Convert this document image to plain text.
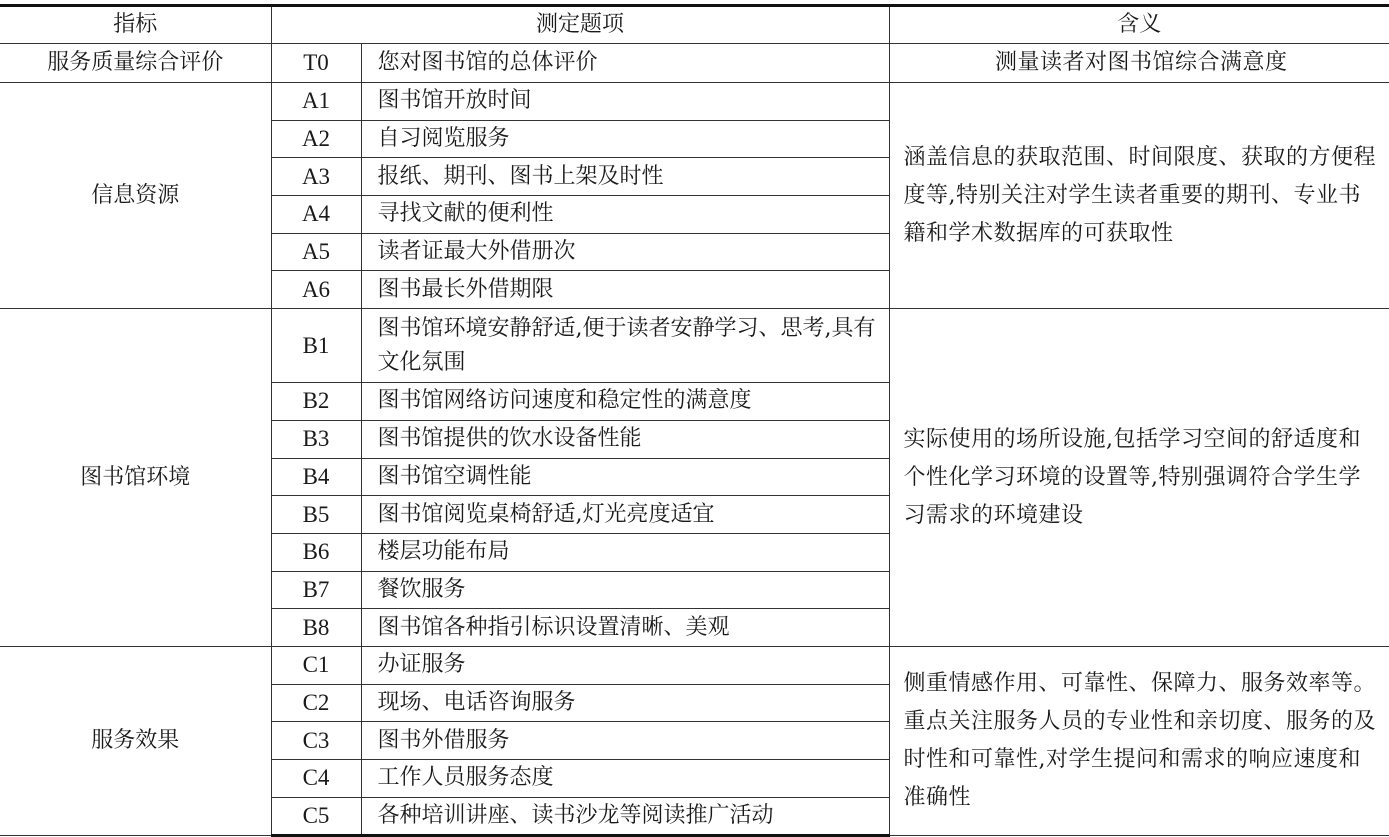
指标	测定题项		含义
服务质量综合评价	T0	您对图书馆的总体评价	测量读者对图书馆综合满意度
信息资源	A1	图书馆开放时间	涵盖信息的获取范围、时间限度、获取的方便程度等,特别关注对学生读者重要的期刊、专业书籍和学术数据库的可获取性
	A2	自习阅览服务	
	A3	报纸、期刊、图书上架及时性	
	A4	寻找文献的便利性	
	A5	读者证最大外借册次	
	A6	图书最长外借期限	
图书馆环境	B1	图书馆环境安静舒适,便于读者安静学习、思考,具有文化氛围	实际使用的场所设施,包括学习空间的舒适度和个性化学习环境的设置等,特别强调符合学生学习需求的环境建设
	B2	图书馆网络访问速度和稳定性的满意度	
	B3	图书馆提供的饮水设备性能	
	B4	图书馆空调性能	
	B5	图书馆阅览桌椅舒适,灯光亮度适宜	
	B6	楼层功能布局	
	B7	餐饮服务	
	B8	图书馆各种指引标识设置清晰、美观	
服务效果	C1	办证服务	侧重情感作用、可靠性、保障力、服务效率等。重点关注服务人员的专业性和亲切度、服务的及时性和可靠性,对学生提问和需求的响应速度和准确性
	C2	现场、电话咨询服务	
	C3	图书外借服务	
	C4	工作人员服务态度	
	C5	各种培训讲座、读书沙龙等阅读推广活动	
